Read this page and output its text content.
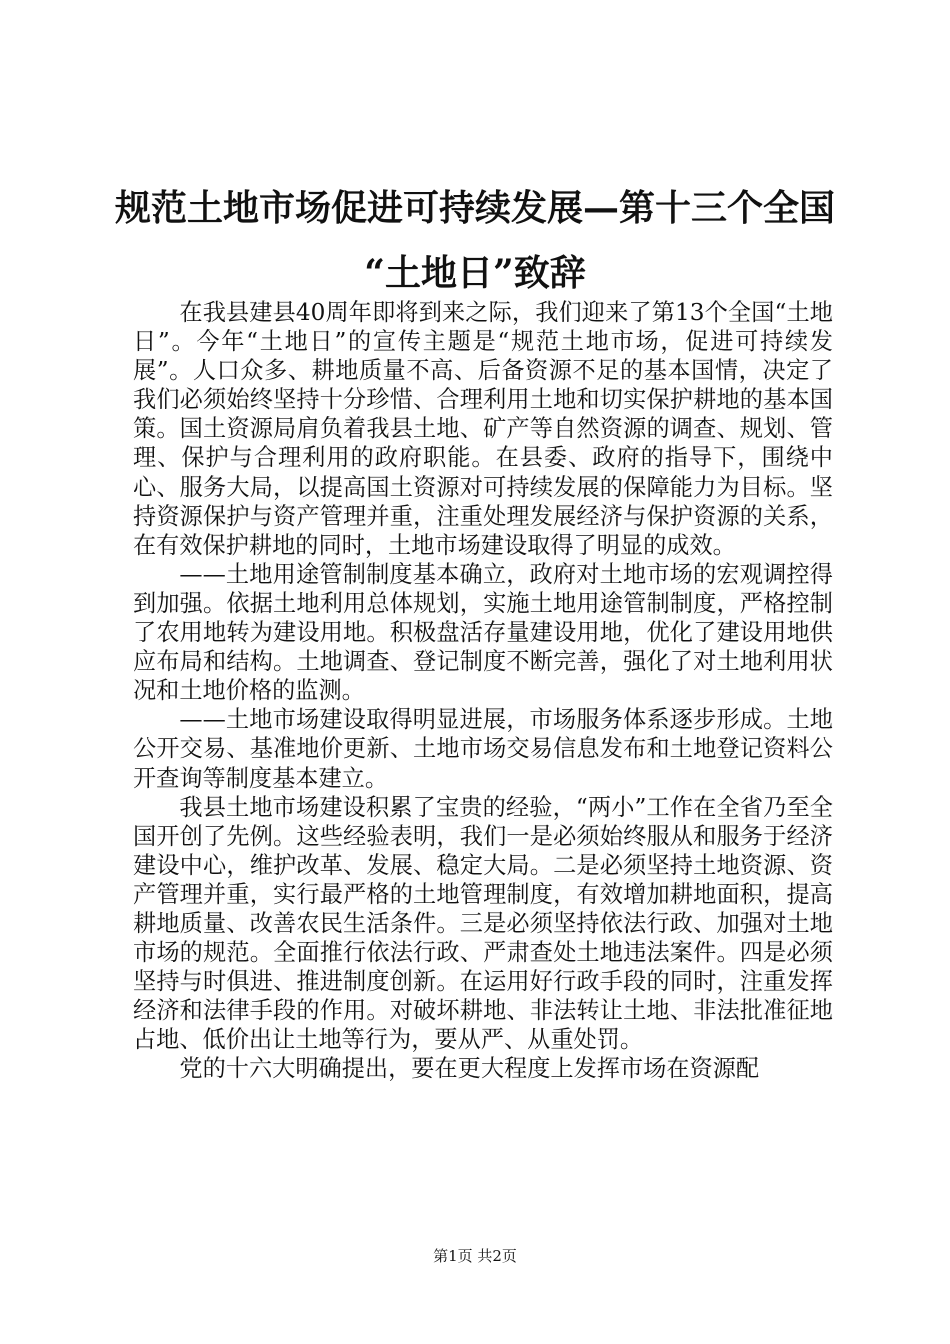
规范土地市场促进可持续发展—第十三个全国
“土地日”致辞

在我县建县40周年即将到来之际，我们迎来了第13个全国“土地日”。今年“土地日”的宣传主题是“规范土地市场，促进可持续发展”。人口众多、耕地质量不高、后备资源不足的基本国情，决定了我们必须始终坚持十分珍惜、合理利用土地和切实保护耕地的基本国策。国土资源局肩负着我县土地、矿产等自然资源的调查、规划、管理、保护与合理利用的政府职能。在县委、政府的指导下，围绕中心、服务大局，以提高国土资源对可持续发展的保障能力为目标。坚持资源保护与资产管理并重，注重处理发展经济与保护资源的关系，在有效保护耕地的同时，土地市场建设取得了明显的成效。

——土地用途管制制度基本确立，政府对土地市场的宏观调控得到加强。依据土地利用总体规划，实施土地用途管制制度，严格控制了农用地转为建设用地。积极盘活存量建设用地，优化了建设用地供应布局和结构。土地调查、登记制度不断完善，强化了对土地利用状况和土地价格的监测。

——土地市场建设取得明显进展，市场服务体系逐步形成。土地公开交易、基准地价更新、土地市场交易信息发布和土地登记资料公开查询等制度基本建立。

我县土地市场建设积累了宝贵的经验，“两小”工作在全省乃至全国开创了先例。这些经验表明，我们一是必须始终服从和服务于经济建设中心，维护改革、发展、稳定大局。二是必须坚持土地资源、资产管理并重，实行最严格的土地管理制度，有效增加耕地面积，提高耕地质量、改善农民生活条件。三是必须坚持依法行政、加强对土地市场的规范。全面推行依法行政、严肃查处土地违法案件。四是必须坚持与时俱进、推进制度创新。在运用好行政手段的同时，注重发挥经济和法律手段的作用。对破坏耕地、非法转让土地、非法批准征地占地、低价出让土地等行为，要从严、从重处罚。

党的十六大明确提出，要在更大程度上发挥市场在资源配

第1页 共2页
